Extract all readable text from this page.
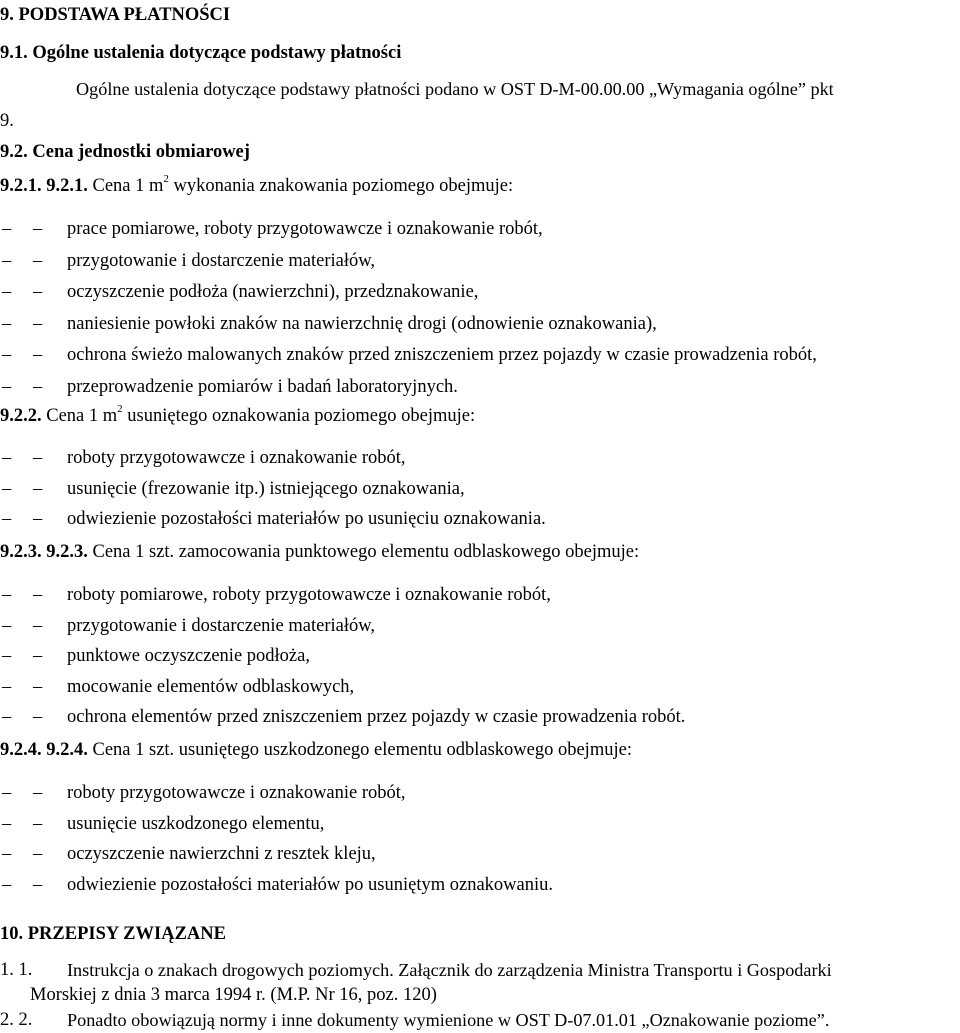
9. PODSTAWA PŁATNOŚCI
9.1. Ogólne ustalenia dotyczące podstawy płatności
Ogólne ustalenia dotyczące podstawy płatności podano w OST D-M-00.00.00 „Wymagania ogólne” pkt
9.
9.2. Cena jednostki obmiarowej
9.2.1. 9.2.1. Cena 1 $m^2$ wykonania znakowania poziomego obejmuje:
– – prace pomiarowe, roboty przygotowawcze i oznakowanie robót,
– – przygotowanie i dostarczenie materiałów,
– – oczyszczenie podłoża (nawierzchni), przedznakowanie,
– – naniesienie powłoki znaków na nawierzchnię drogi (odnowienie oznakowania),
– – ochrona świeżo malowanych znaków przed zniszczeniem przez pojazdy w czasie prowadzenia robót,
– – przeprowadzenie pomiarów i badań laboratoryjnych.
9.2.2. Cena 1 $m^2$ usuniętego oznakowania poziomego obejmuje:
– – roboty przygotowawcze i oznakowanie robót,
– – usunięcie (frezowanie itp.) istniejącego oznakowania,
– – odwiezienie pozostałości materiałów po usunięciu oznakowania.
9.2.3. 9.2.3. Cena 1 szt. zamocowania punktowego elementu odblaskowego obejmuje:
– – roboty pomiarowe, roboty przygotowawcze i oznakowanie robót,
– – przygotowanie i dostarczenie materiałów,
– – punktowe oczyszczenie podłoża,
– – mocowanie elementów odblaskowych,
– – ochrona elementów przed zniszczeniem przez pojazdy w czasie prowadzenia robót.
9.2.4. 9.2.4. Cena 1 szt. usuniętego uszkodzonego elementu odblaskowego obejmuje:
– – roboty przygotowawcze i oznakowanie robót,
– – usunięcie uszkodzonego elementu,
– – oczyszczenie nawierzchni z resztek kleju,
– – odwiezienie pozostałości materiałów po usuniętym oznakowaniu.
10. PRZEPISY ZWIĄZANE
1. 1. Instrukcja o znakach drogowych poziomych. Załącznik do zarządzenia Ministra Transportu i Gospodarki
Morskiej z dnia 3 marca 1994 r. (M.P. Nr 16, poz. 120)
2. 2. Ponadto obowiązują normy i inne dokumenty wymienione w OST D-07.01.01 „Oznakowanie poziome”.
